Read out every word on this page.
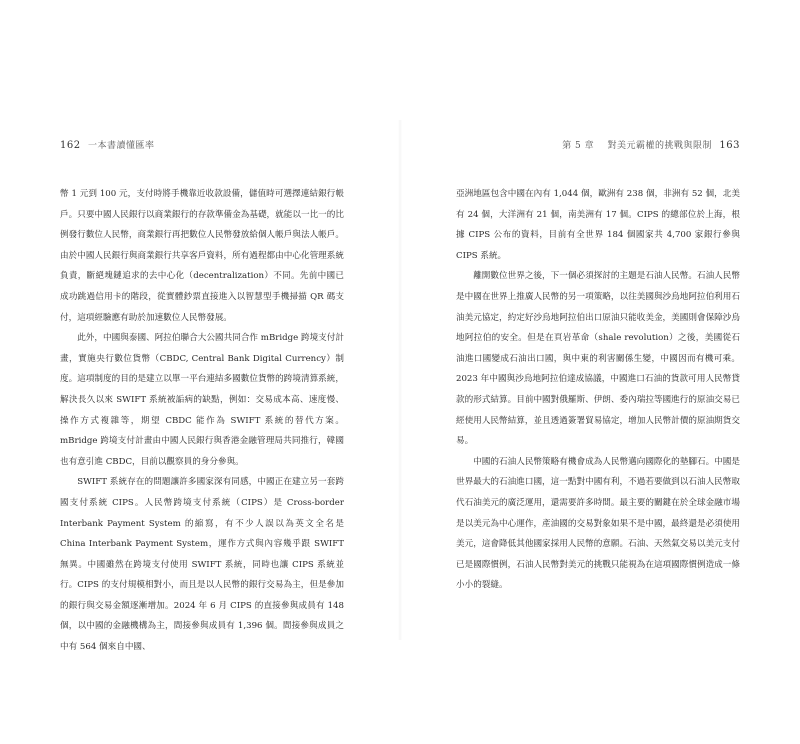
162 一本書讀懂匯率

幣 1 元到 100 元，支付時將手機靠近收款設備，儲值時可選擇連結銀行帳戶。只要中國人民銀行以商業銀行的存款準備金為基礎，就能以一比一的比例發行數位人民幣，商業銀行再把數位人民幣發放給個人帳戶與法人帳戶。由於中國人民銀行與商業銀行共享客戶資料，所有過程都由中心化管理系統負責，斷絕塊鏈追求的去中心化（decentralization）不同。先前中國已成功跳過信用卡的階段，從實體鈔票直接進入以智慧型手機掃描 QR 碼支付，這項經驗應有助於加速數位人民幣發展。

此外，中國與泰國、阿拉伯聯合大公國共同合作 mBridge 跨境支付計畫，實施央行數位貨幣（CBDC, Central Bank Digital Currency）制度。這項制度的目的是建立以單一平台連結多國數位貨幣的跨境清算系統，解決長久以來 SWIFT 系統被詬病的缺點，例如：交易成本高、速度慢、操作方式複雜等，期望 CBDC 能作為 SWIFT 系統的替代方案。mBridge 跨境支付計畫由中國人民銀行與香港金融管理局共同推行，韓國也有意引進 CBDC，目前以觀察員的身分參與。

SWIFT 系統存在的問題讓許多國家深有同感，中國正在建立另一套跨國支付系統 CIPS。人民幣跨境支付系統（CIPS）是 Cross-border Interbank Payment System 的縮寫，有不少人誤以為英文全名是 China Interbank Payment System，運作方式與內容幾乎跟 SWIFT 無異。中國雖然在跨境支付使用 SWIFT 系統，同時也讓 CIPS 系統並行。CIPS 的支付規模相對小，而且是以人民幣的銀行交易為主，但是參加的銀行與交易金額逐漸增加。2024 年 6 月 CIPS 的直接參與成員有 148 個，以中國的金融機構為主，間接參與成員有 1,396 個。間接參與成員之中有 564 個來自中國、

第 5 章 對美元霸權的挑戰與限制 163

亞洲地區包含中國在內有 1,044 個，歐洲有 238 個，非洲有 52 個，北美有 24 個，大洋洲有 21 個，南美洲有 17 個。CIPS 的總部位於上海，根據 CIPS 公布的資料，目前有全世界 184 個國家共 4,700 家銀行參與 CIPS 系統。

離開數位世界之後，下一個必須探討的主題是石油人民幣。石油人民幣是中國在世界上推廣人民幣的另一項策略，以往美國與沙烏地阿拉伯利用石油美元協定，約定好沙烏地阿拉伯出口原油只能收美金，美國則會保障沙烏地阿拉伯的安全。但是在頁岩革命（shale revolution）之後，美國從石油進口國變成石油出口國，與中東的利害關係生變，中國因而有機可乘。2023 年中國與沙烏地阿拉伯達成協議，中國進口石油的貨款可用人民幣貸款的形式結算。目前中國對俄羅斯、伊朗、委內瑞拉等國進行的原油交易已經使用人民幣結算，並且透過簽署貿易協定，增加人民幣計價的原油期貨交易。

中國的石油人民幣策略有機會成為人民幣邁向國際化的墊腳石。中國是世界最大的石油進口國，這一點對中國有利，不過若要做到以石油人民幣取代石油美元的廣泛運用，還需要許多時間。最主要的關鍵在於全球金融市場是以美元為中心運作，產油國的交易對象如果不是中國，最終還是必須使用美元，這會降低其他國家採用人民幣的意願。石油、天然氣交易以美元支付已是國際慣例，石油人民幣對美元的挑戰只能視為在這項國際慣例造成一條小小的裂縫。
